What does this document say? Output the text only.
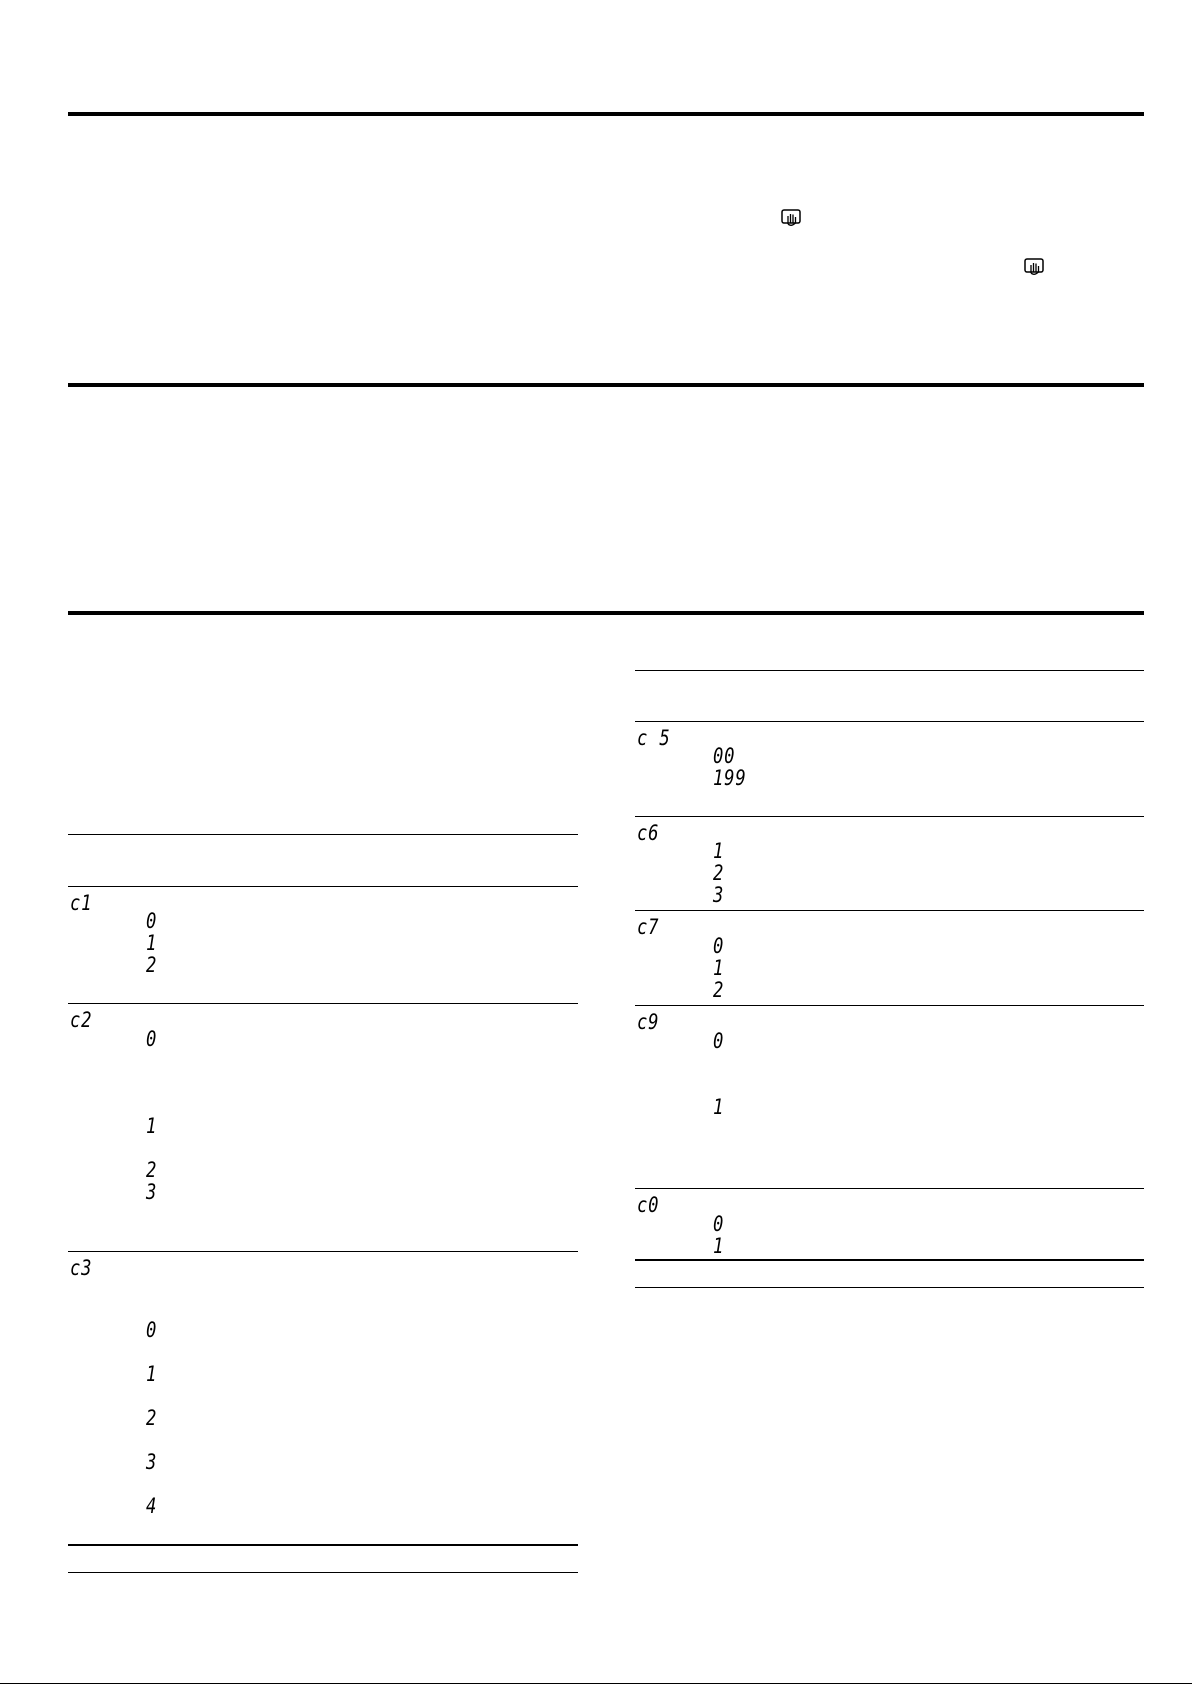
c1
0
1
2
c2
0
1
2
3
c3
0
1
2
3
4
c 5
00
199
c6
1
2
3
c7
0
1
2
c9
0
1
c0
0
1
